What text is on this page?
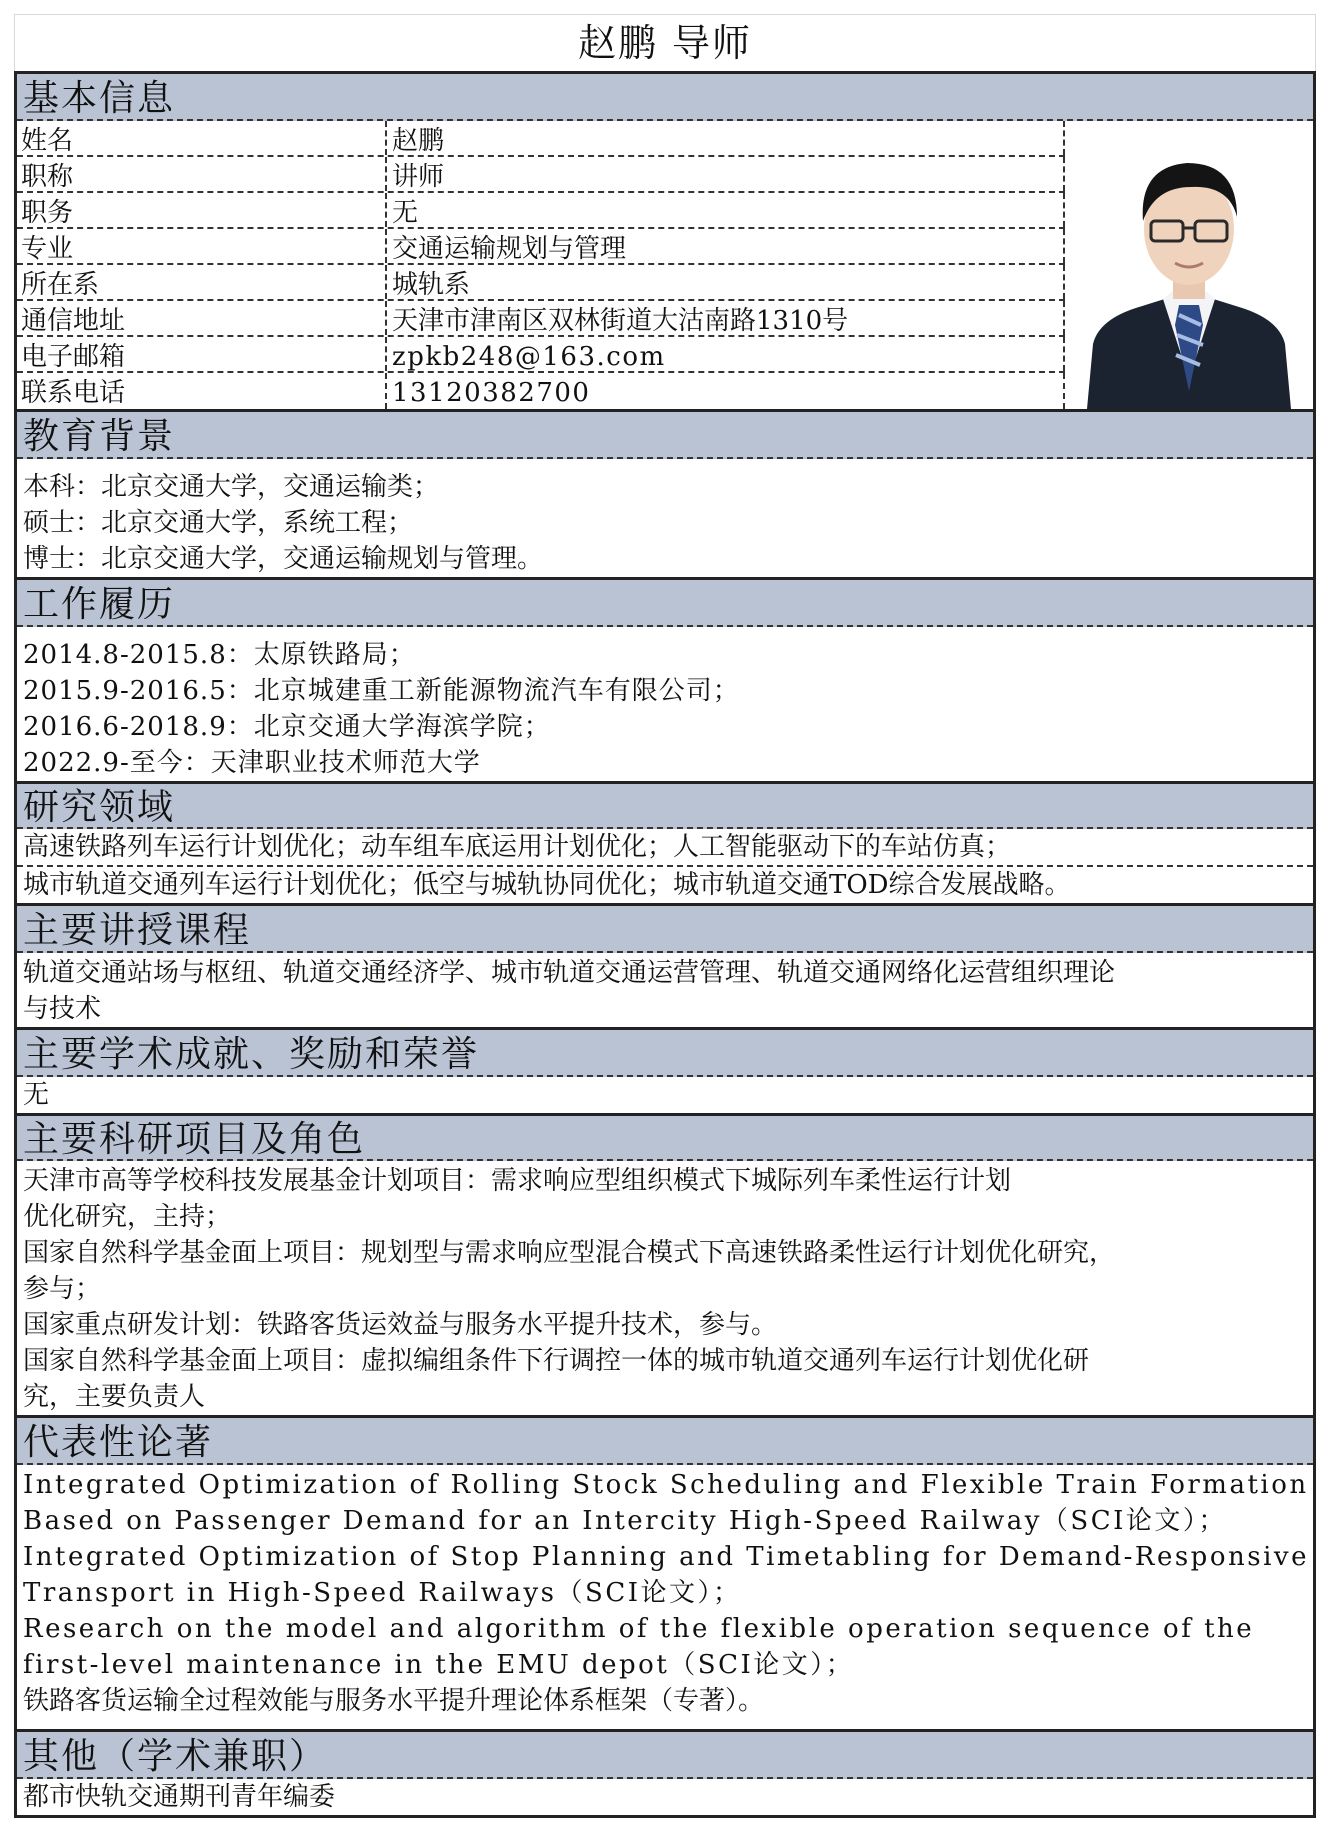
赵鹏 导师
基本信息
姓名	赵鹏
职称	讲师
职务	无
专业	交通运输规划与管理
所在系	城轨系
通信地址	天津市津南区双林街道大沽南路1310号
电子邮箱	zpkb248@163.com
联系电话	13120382700
教育背景
本科：北京交通大学，交通运输类；
硕士：北京交通大学，系统工程；
博士：北京交通大学，交通运输规划与管理。
工作履历
2014.8-2015.8：太原铁路局；
2015.9-2016.5：北京城建重工新能源物流汽车有限公司；
2016.6-2018.9：北京交通大学海滨学院；
2022.9-至今：天津职业技术师范大学
研究领域
高速铁路列车运行计划优化；动车组车底运用计划优化；人工智能驱动下的车站仿真；
城市轨道交通列车运行计划优化；低空与城轨协同优化；城市轨道交通TOD综合发展战略。
主要讲授课程
轨道交通站场与枢纽、轨道交通经济学、城市轨道交通运营管理、轨道交通网络化运营组织理论
与技术
主要学术成就、奖励和荣誉
无
主要科研项目及角色
天津市高等学校科技发展基金计划项目：需求响应型组织模式下城际列车柔性运行计划
优化研究，主持；
国家自然科学基金面上项目：规划型与需求响应型混合模式下高速铁路柔性运行计划优化研究，
参与；
国家重点研发计划：铁路客货运效益与服务水平提升技术，参与。
国家自然科学基金面上项目：虚拟编组条件下行调控一体的城市轨道交通列车运行计划优化研
究，主要负责人
代表性论著
Integrated Optimization of Rolling Stock Scheduling and Flexible Train Formation
Based on Passenger Demand for an Intercity High-Speed Railway（SCI论文）；
Integrated Optimization of Stop Planning and Timetabling for Demand-Responsive
Transport in High-Speed Railways（SCI论文）；
Research on the model and algorithm of the flexible operation sequence of the
first-level maintenance in the EMU depot（SCI论文）；
铁路客货运输全过程效能与服务水平提升理论体系框架（专著）。
其他（学术兼职）
都市快轨交通期刊青年编委
